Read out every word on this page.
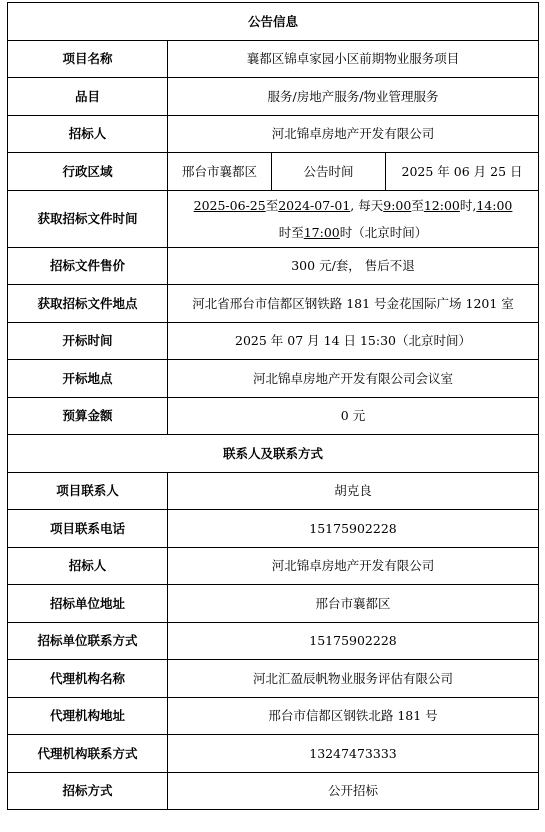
公告信息			
项目名称	襄都区锦卓家园小区前期物业服务项目		
品目	服务/房地产服务/物业管理服务		
招标人	河北锦卓房地产开发有限公司		
行政区域	邢台市襄都区	公告时间	2025 年 06 月 25 日
获取招标文件时间	2025-06-25至2024-07-01, 每天9:00至12:00时,14:00
时至17:00时（北京时间）		

招标文件售价	300 元/套， 售后不退		
获取招标文件地点	河北省邢台市信都区钢铁路 181 号金花国际广场 1201 室		
开标时间	2025 年 07 月 14 日 15:30（北京时间）		
开标地点	河北锦卓房地产开发有限公司会议室		
预算金额	0 元		
联系人及联系方式			
项目联系人	胡克良		
项目联系电话	15175902228		
招标人	河北锦卓房地产开发有限公司		
招标单位地址	邢台市襄都区		
招标单位联系方式	15175902228		
代理机构名称	河北汇盈辰帆物业服务评估有限公司		
代理机构地址	邢台市信都区钢铁北路 181 号		
代理机构联系方式	13247473333		
招标方式	公开招标		
